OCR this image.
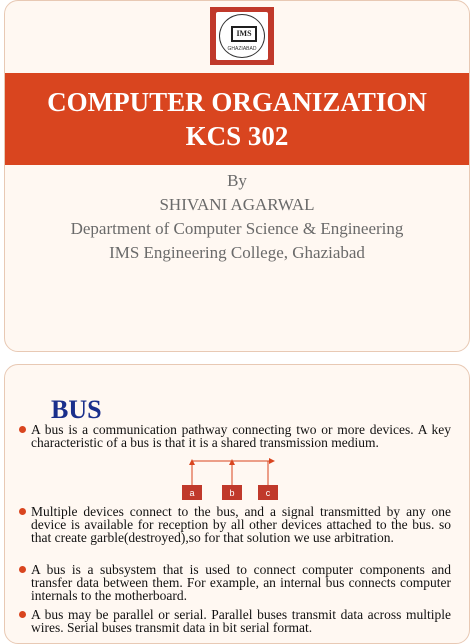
IMS
GHAZIABAD
COMPUTER ORGANIZATION
KCS 302
By
SHIVANI AGARWAL
Department of Computer Science & Engineering
IMS Engineering College, Ghaziabad
BUS
A bus is a communication pathway connecting two or more devices. A key characteristic of a bus is that it is a shared transmission medium.
a	b	c
Multiple devices connect to the bus, and a signal transmitted by any one device is available for reception by all other devices attached to the bus. so that create garble(destroyed),so for that solution we use arbitration.
A bus is a subsystem that is used to connect computer components and transfer data between them. For example, an internal bus connects computer internals to the motherboard.
A bus may be parallel or serial. Parallel buses transmit data across multiple wires. Serial buses transmit data in bit serial format.
